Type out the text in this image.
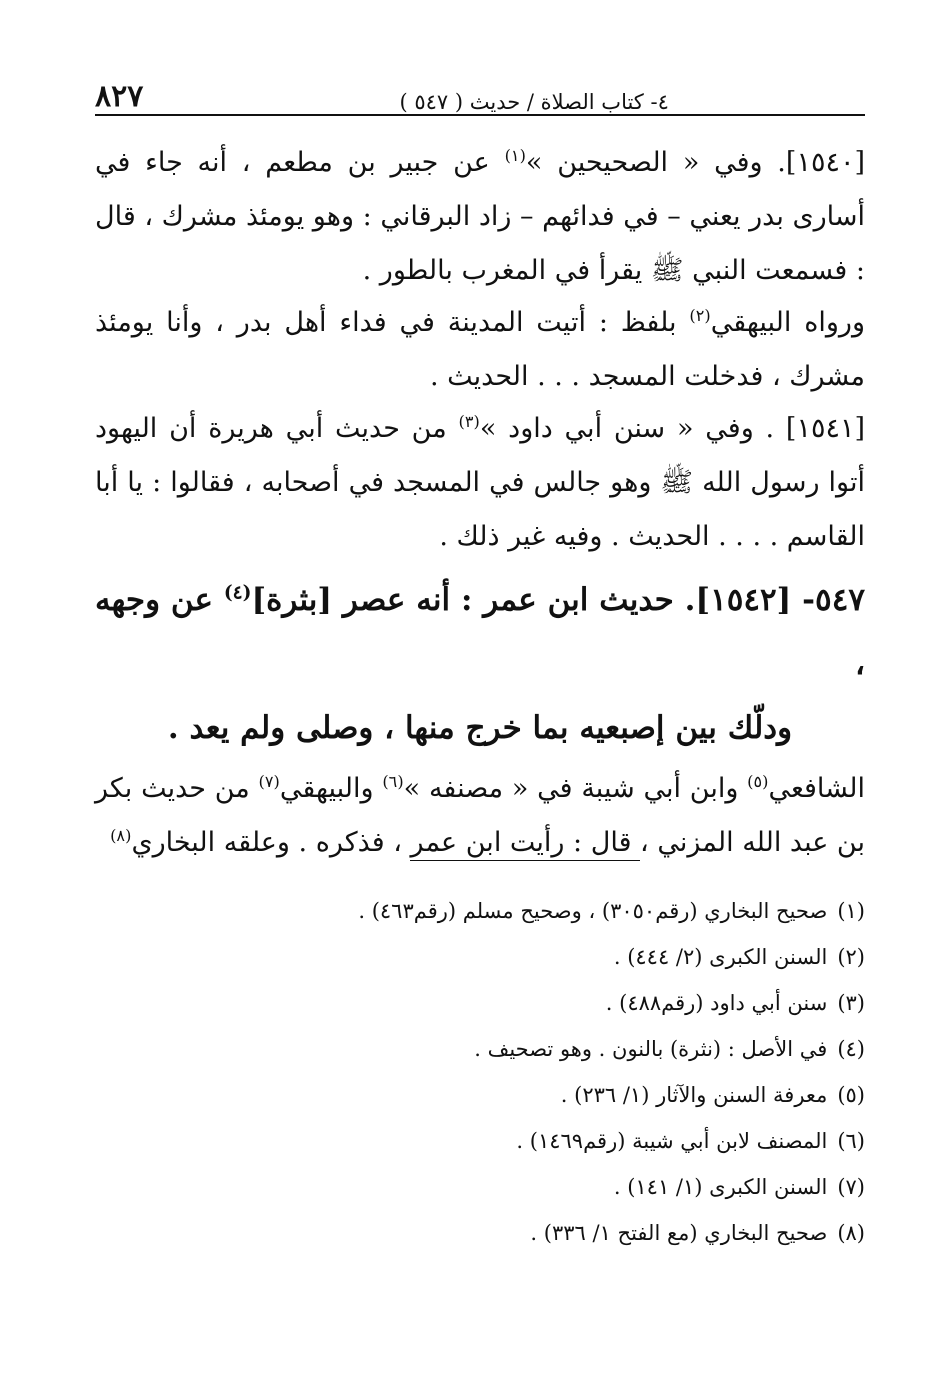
٤- كتاب الصلاة / حديث ( ٥٤٧ )
٨٢٧

[١٥٤٠]. وفي « الصحيحين »$^{(١)}$ عن جبير بن مطعم ، أنه جاء في أسارى بدر يعني – في فدائهم – زاد البرقاني : وهو يومئذ مشرك ، قال : فسمعت النبي ﷺ يقرأ في المغرب بالطور .

ورواه البيهقي$^{(٢)}$ بلفظ : أتيت المدينة في فداء أهل بدر ، وأنا يومئذ مشرك ، فدخلت المسجد . . . الحديث .

[١٥٤١] . وفي « سنن أبي داود »$^{(٣)}$ من حديث أبي هريرة أن اليهود أتوا رسول الله ﷺ وهو جالس في المسجد في أصحابه ، فقالوا : يا أبا القاسم . . . . الحديث . وفيه غير ذلك .

٥٤٧- [١٥٤٢]. حديث ابن عمر : أنه عصر [بثرة]$^{(٤)}$ عن وجهه ،
ودلّك بين إصبعيه بما خرج منها ، وصلى ولم يعد .

الشافعي$^{(٥)}$ وابن أبي شيبة في « مصنفه »$^{(٦)}$ والبيهقي$^{(٧)}$ من حديث بكر بن عبد الله المزني ، قال : رأيت ابن عمر ، فذكره . وعلقه البخاري$^{(٨)}$

(١)صحيح البخاري (رقم٣٠٥٠) ، وصحيح مسلم (رقم٤٦٣) .
(٢)السنن الكبرى (٢/ ٤٤٤) .
(٣)سنن أبي داود (رقم٤٨٨) .
(٤)في الأصل : (نثرة) بالنون . وهو تصحيف .
(٥)معرفة السنن والآثار (١/ ٢٣٦) .
(٦)المصنف لابن أبي شيبة (رقم١٤٦٩) .
(٧)السنن الكبرى (١/ ١٤١) .
(٨)صحيح البخاري (مع الفتح ١/ ٣٣٦) .
